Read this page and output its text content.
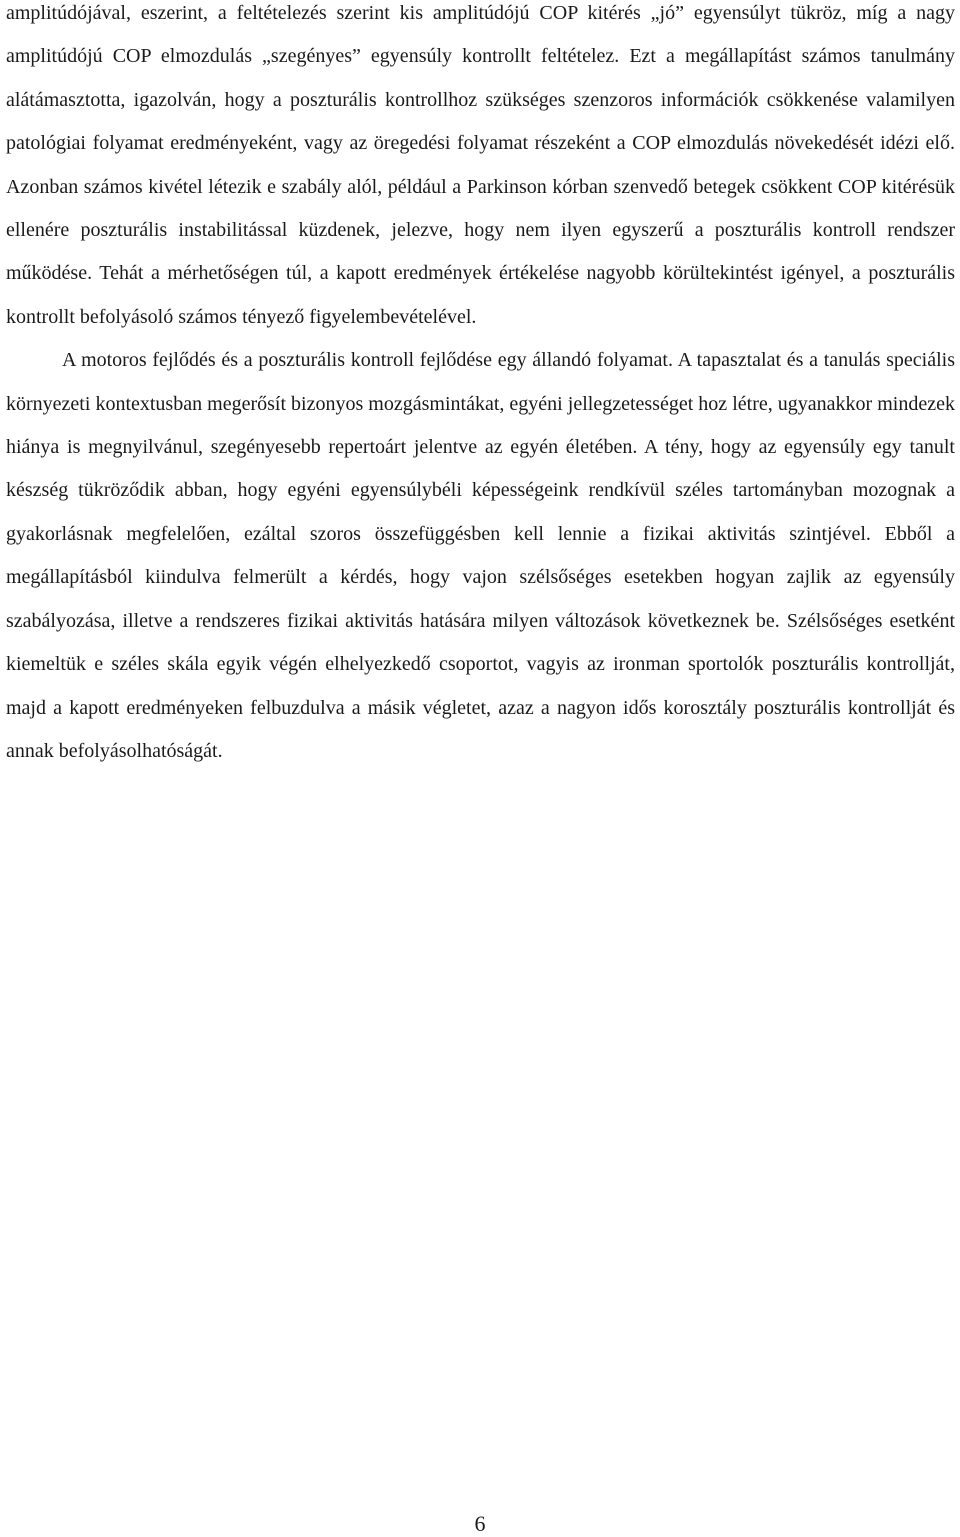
amplitúdójával, eszerint, a feltételezés szerint kis amplitúdójú COP kitérés „jó” egyensúlyt tükröz, míg a nagy amplitúdójú COP elmozdulás „szegényes” egyensúly kontrollt feltételez. Ezt a megállapítást számos tanulmány alátámasztotta, igazolván, hogy a poszturális kontrollhoz szükséges szenzoros információk csökkenése valamilyen patológiai folyamat eredményeként, vagy az öregedési folyamat részeként a COP elmozdulás növekedését idézi elő. Azonban számos kivétel létezik e szabály alól, például a Parkinson kórban szenvedő betegek csökkent COP kitérésük ellenére poszturális instabilitással küzdenek, jelezve, hogy nem ilyen egyszerű a poszturális kontroll rendszer működése. Tehát a mérhetőségen túl, a kapott eredmények értékelése nagyobb körültekintést igényel, a poszturális kontrollt befolyásoló számos tényező figyelembevételével.

A motoros fejlődés és a poszturális kontroll fejlődése egy állandó folyamat. A tapasztalat és a tanulás speciális környezeti kontextusban megerősít bizonyos mozgásmintákat, egyéni jellegzetességet hoz létre, ugyanakkor mindezek hiánya is megnyilvánul, szegényesebb repertoárt jelentve az egyén életében. A tény, hogy az egyensúly egy tanult készség tükröződik abban, hogy egyéni egyensúlybéli képességeink rendkívül széles tartományban mozognak a gyakorlásnak megfelelően, ezáltal szoros összefüggésben kell lennie a fizikai aktivitás szintjével. Ebből a megállapításból kiindulva felmerült a kérdés, hogy vajon szélsőséges esetekben hogyan zajlik az egyensúly szabályozása, illetve a rendszeres fizikai aktivitás hatására milyen változások következnek be. Szélsőséges esetként kiemeltük e széles skála egyik végén elhelyezkedő csoportot, vagyis az ironman sportolók poszturális kontrollját, majd a kapott eredményeken felbuzdulva a másik végletet, azaz a nagyon idős korosztály poszturális kontrollját és annak befolyásolhatóságát.

6
